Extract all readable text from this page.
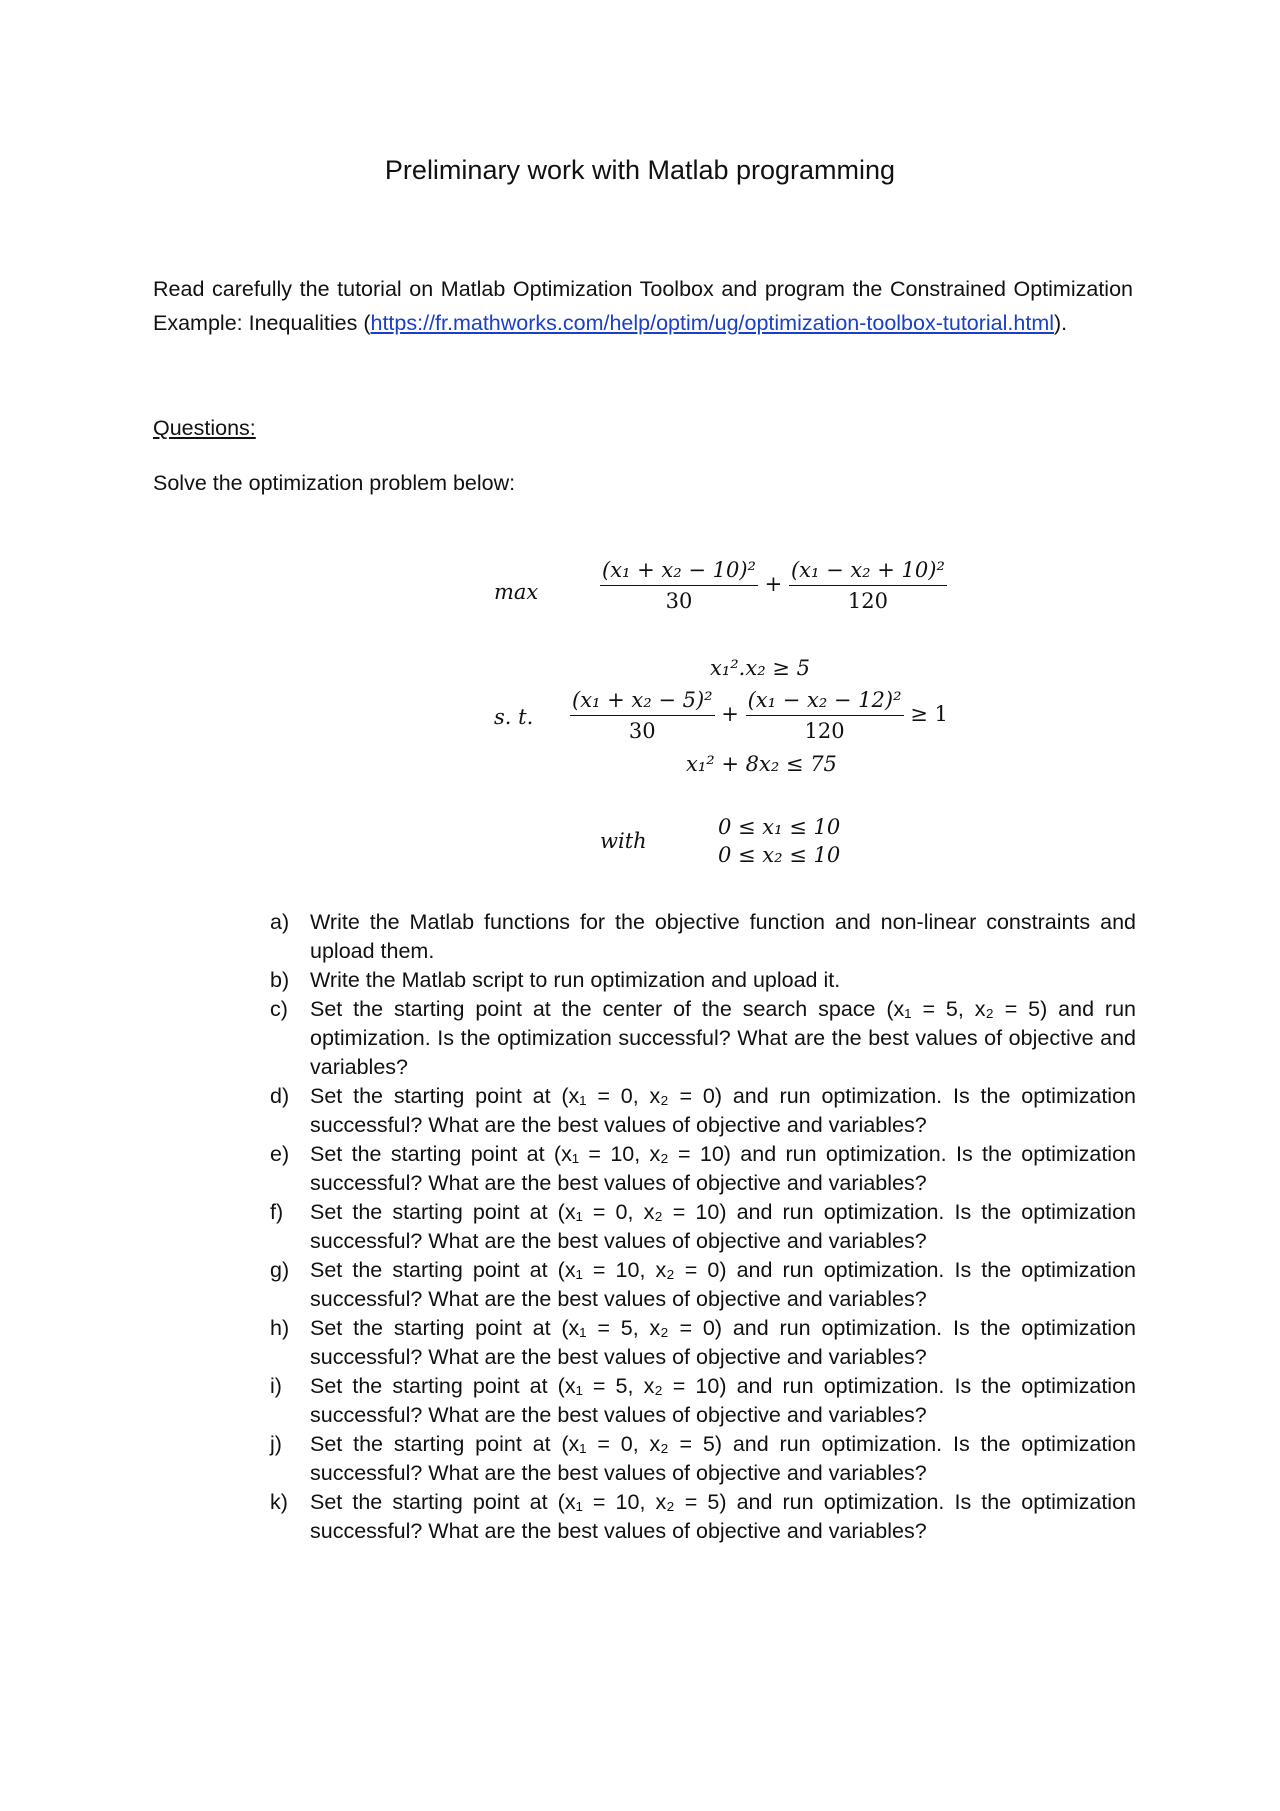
Preliminary work with Matlab programming
Read carefully the tutorial on Matlab Optimization Toolbox and program the Constrained Optimization Example: Inequalities (https://fr.mathworks.com/help/optim/ug/optimization-toolbox-tutorial.html).
Questions:
Solve the optimization problem below:
max	$\frac{\text{(x₁ + x₂ − 10)²}}{30} + \frac{\text{(x₁ − x₂ + 10)²}}{120}$
s. t.
x₁².x₂ ≥ 5
$\frac{\text{(x₁ + x₂ − 5)²}}{30} + \frac{\text{(x₁ − x₂ − 12)²}}{120} \ge 1$
x₁² + 8x₂ ≤ 75
with
0 ≤ x₁ ≤ 10
0 ≤ x₂ ≤ 10
a) Write the Matlab functions for the objective function and non-linear constraints and upload them.
b) Write the Matlab script to run optimization and upload it.
c) Set the starting point at the center of the search space (x₁ = 5, x₂ = 5) and run optimization. Is the optimization successful? What are the best values of objective and variables?
d) Set the starting point at (x₁ = 0, x₂ = 0) and run optimization. Is the optimization successful? What are the best values of objective and variables?
e) Set the starting point at (x₁ = 10, x₂ = 10) and run optimization. Is the optimization successful? What are the best values of objective and variables?
f) Set the starting point at (x₁ = 0, x₂ = 10) and run optimization. Is the optimization successful? What are the best values of objective and variables?
g) Set the starting point at (x₁ = 10, x₂ = 0) and run optimization. Is the optimization successful? What are the best values of objective and variables?
h) Set the starting point at (x₁ = 5, x₂ = 0) and run optimization. Is the optimization successful? What are the best values of objective and variables?
i) Set the starting point at (x₁ = 5, x₂ = 10) and run optimization. Is the optimization successful? What are the best values of objective and variables?
j) Set the starting point at (x₁ = 0, x₂ = 5) and run optimization. Is the optimization successful? What are the best values of objective and variables?
k) Set the starting point at (x₁ = 10, x₂ = 5) and run optimization. Is the optimization successful? What are the best values of objective and variables?
